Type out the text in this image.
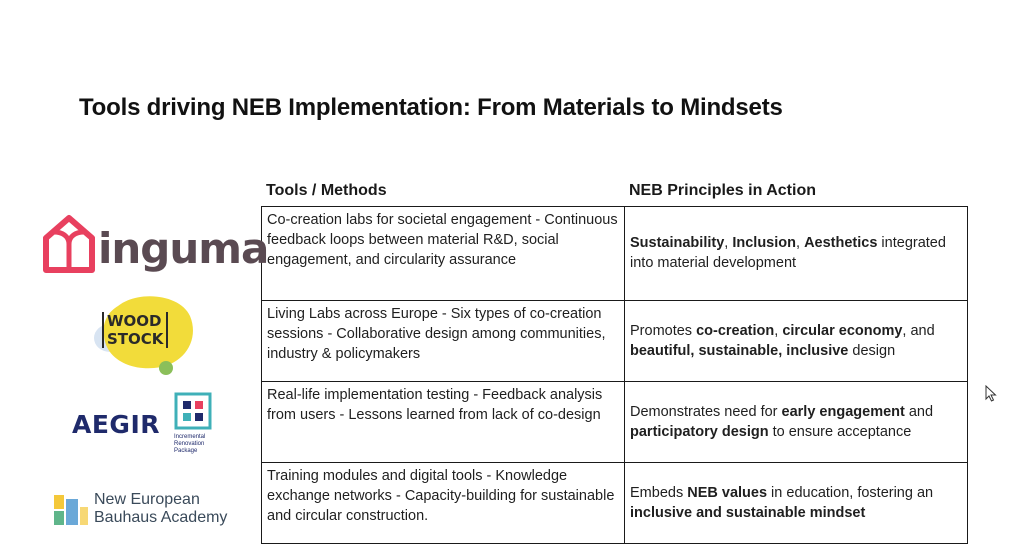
Tools driving NEB Implementation: From Materials to Mindsets
Tools / Methods	NEB Principles in Action
Co-creation labs for societal engagement - Continuous feedback loops between material R&D, social engagement, and circularity assurance	Sustainability, Inclusion, Aesthetics integrated into material development
Living Labs across Europe - Six types of co-creation sessions - Collaborative design among communities, industry & policymakers	Promotes co-creation, circular economy, and beautiful, sustainable, inclusive design
Real-life implementation testing - Feedback analysis from users - Lessons learned from lack of co-design	Demonstrates need for early engagement and participatory design to ensure acceptance
Training modules and digital tools - Knowledge exchange networks - Capacity-building for sustainable and circular construction.	Embeds NEB values in education, fostering an inclusive and sustainable mindset
inguma
WOOD
STOCK
AEGIR Incremental
Renovation
Package
New European
Bauhaus Academy
